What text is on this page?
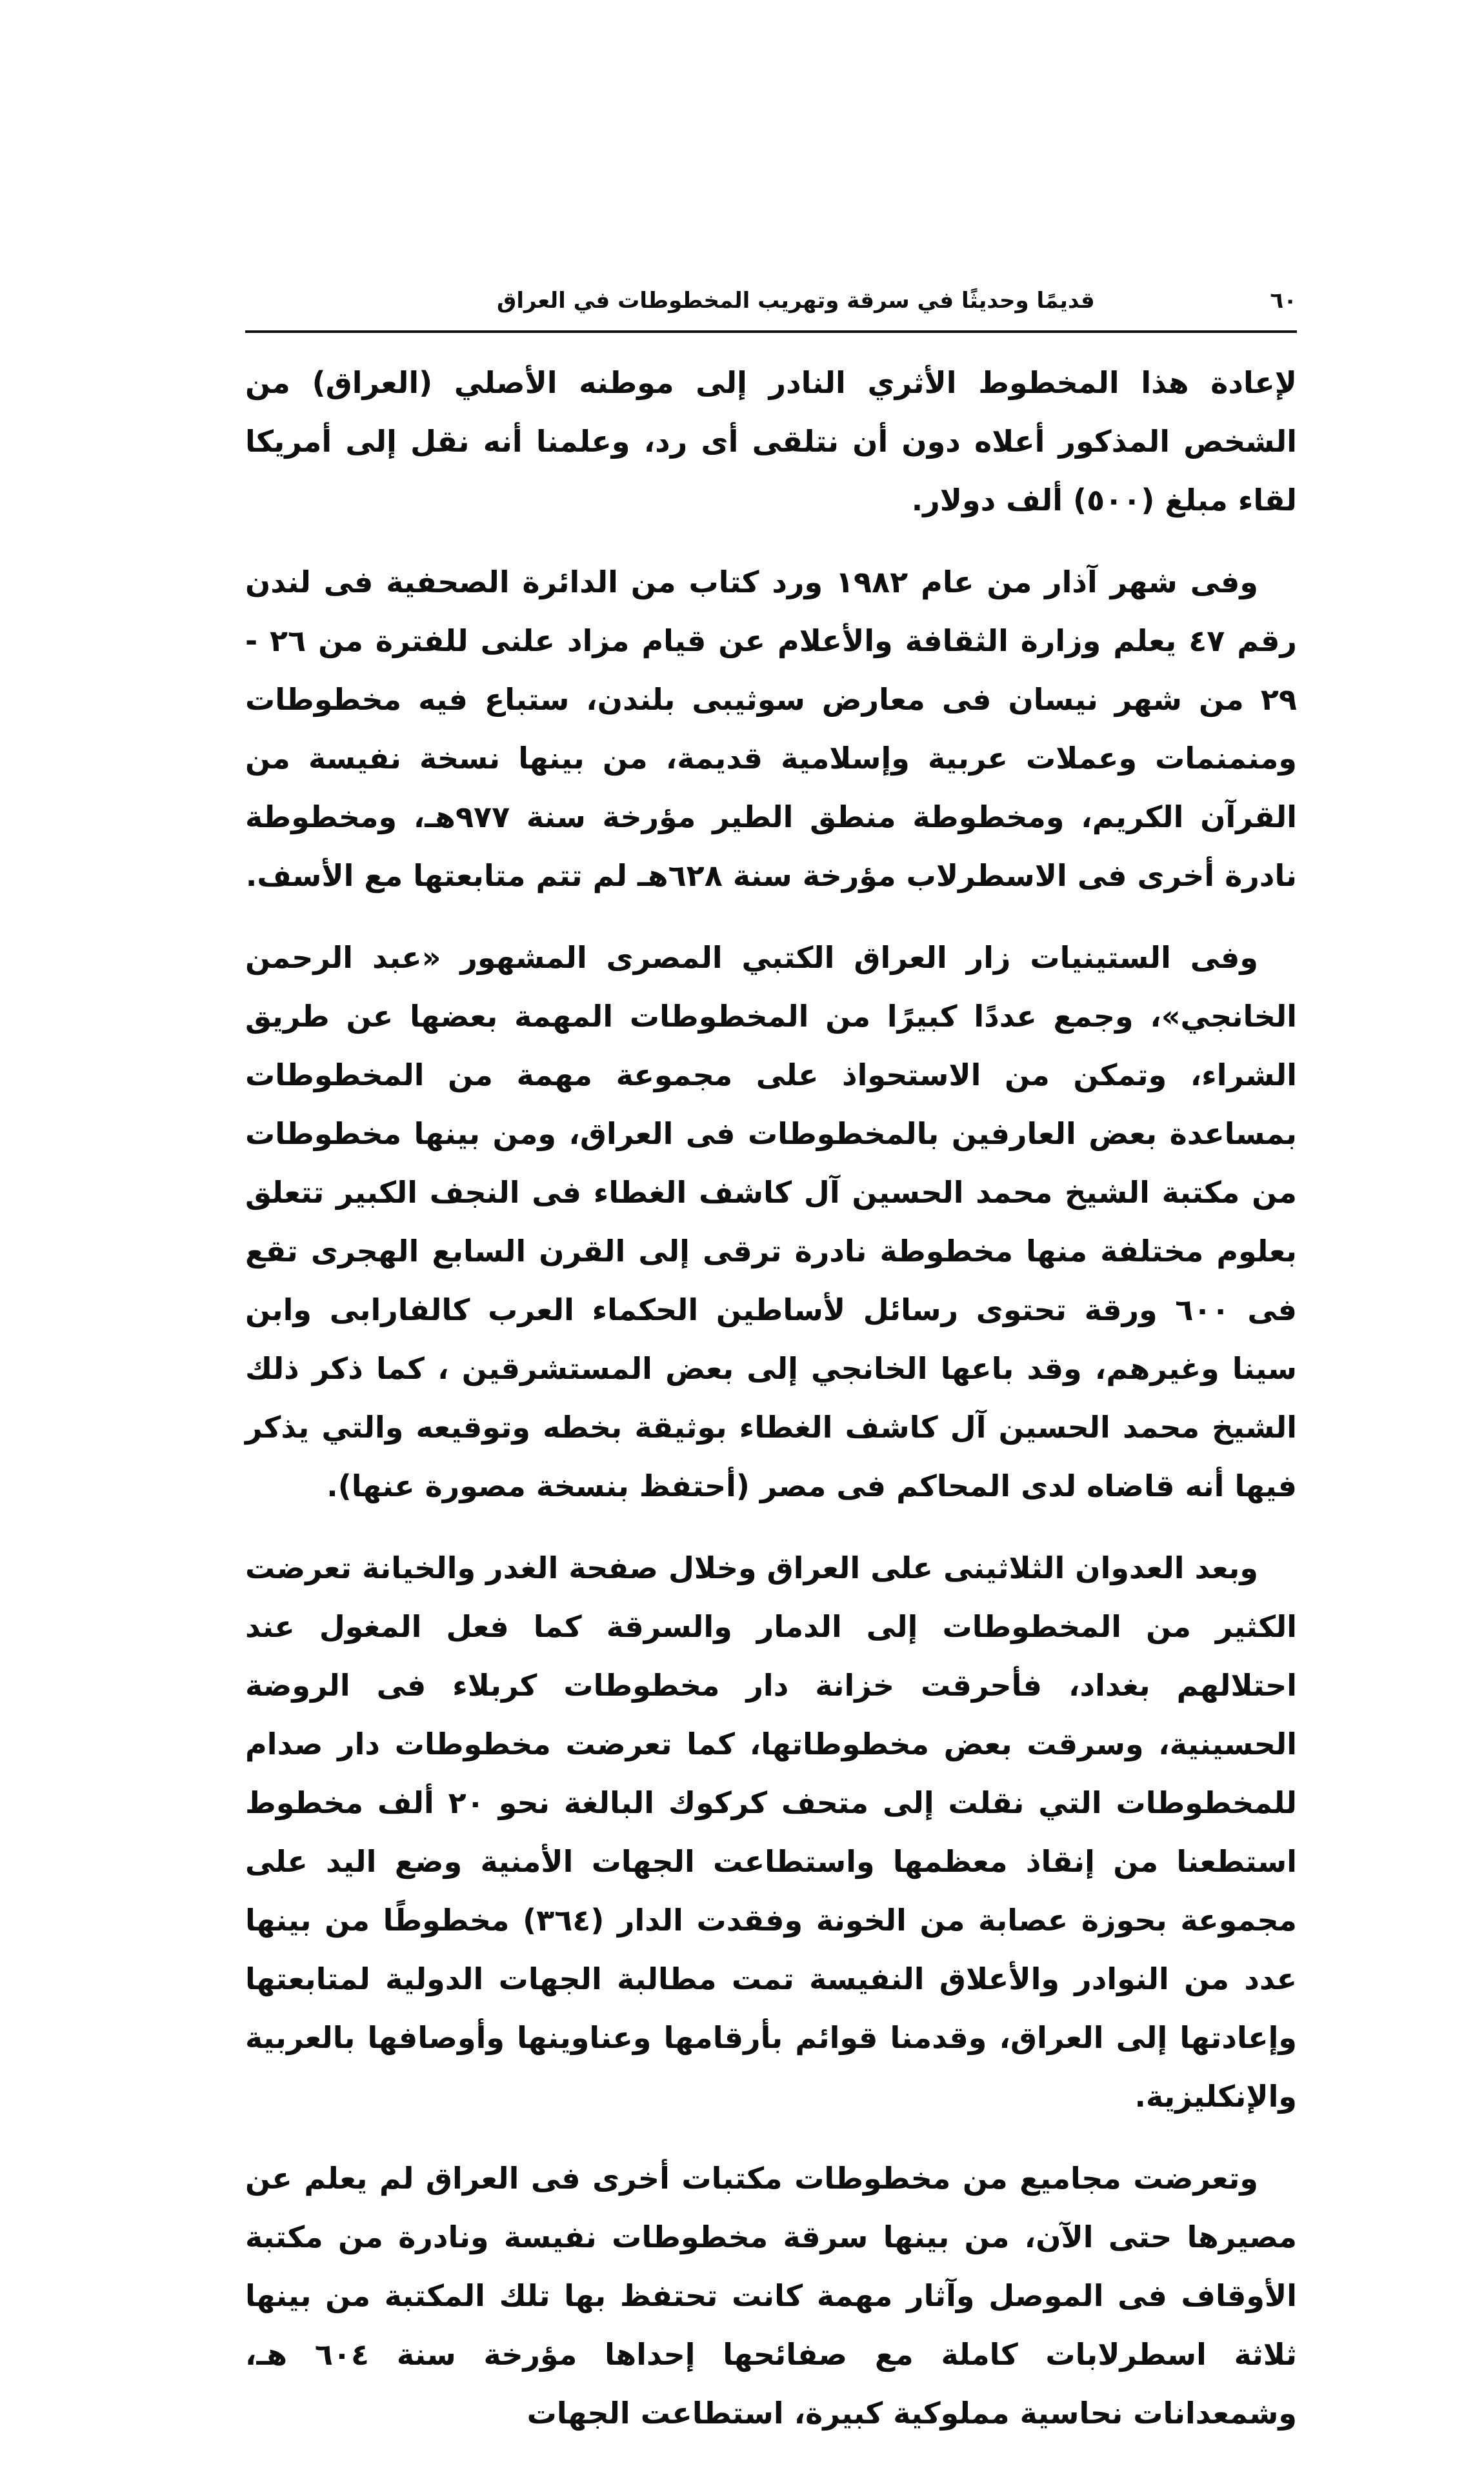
٦٠
قديمًا وحديثًا في سرقة وتهريب المخطوطات في العراق

لإعادة هذا المخطوط الأثري النادر إلى موطنه الأصلي (العراق) من الشخص المذكور أعلاه دون أن نتلقى أى رد، وعلمنا أنه نقل إلى أمريكا لقاء مبلغ (٥٠٠) ألف دولار.

وفى شهر آذار من عام ١٩٨٢ ورد كتاب من الدائرة الصحفية فى لندن رقم ٤٧ يعلم وزارة الثقافة والأعلام عن قيام مزاد علنى للفترة من ٢٦ - ٢٩ من شهر نيسان فى معارض سوثيبى بلندن، ستباع فيه مخطوطات ومنمنمات وعملات عربية وإسلامية قديمة، من بينها نسخة نفيسة من القرآن الكريم، ومخطوطة منطق الطير مؤرخة سنة ٩٧٧هـ، ومخطوطة نادرة أخرى فى الاسطرلاب مؤرخة سنة ٦٢٨هـ لم تتم متابعتها مع الأسف.

وفى الستينيات زار العراق الكتبي المصرى المشهور «عبد الرحمن الخانجي»، وجمع عددًا كبيرًا من المخطوطات المهمة بعضها عن طريق الشراء، وتمكن من الاستحواذ على مجموعة مهمة من المخطوطات بمساعدة بعض العارفين بالمخطوطات فى العراق، ومن بينها مخطوطات من مكتبة الشيخ محمد الحسين آل كاشف الغطاء فى النجف الكبير تتعلق بعلوم مختلفة منها مخطوطة نادرة ترقى إلى القرن السابع الهجرى تقع فى ٦٠٠ ورقة تحتوى رسائل لأساطين الحكماء العرب كالفارابى وابن سينا وغيرهم، وقد باعها الخانجي إلى بعض المستشرقين ، كما ذكر ذلك الشيخ محمد الحسين آل كاشف الغطاء بوثيقة بخطه وتوقيعه والتي يذكر فيها أنه قاضاه لدى المحاكم فى مصر (أحتفظ بنسخة مصورة عنها).

وبعد العدوان الثلاثينى على العراق وخلال صفحة الغدر والخيانة تعرضت الكثير من المخطوطات إلى الدمار والسرقة كما فعل المغول عند احتلالهم بغداد، فأحرقت خزانة دار مخطوطات كربلاء فى الروضة الحسينية، وسرقت بعض مخطوطاتها، كما تعرضت مخطوطات دار صدام للمخطوطات التي نقلت إلى متحف كركوك البالغة نحو ٢٠ ألف مخطوط استطعنا من إنقاذ معظمها واستطاعت الجهات الأمنية وضع اليد على مجموعة بحوزة عصابة من الخونة وفقدت الدار (٣٦٤) مخطوطًا من بينها عدد من النوادر والأعلاق النفيسة تمت مطالبة الجهات الدولية لمتابعتها وإعادتها إلى العراق، وقدمنا قوائم بأرقامها وعناوينها وأوصافها بالعربية والإنكليزية.

وتعرضت مجاميع من مخطوطات مكتبات أخرى فى العراق لم يعلم عن مصيرها حتى الآن، من بينها سرقة مخطوطات نفيسة ونادرة من مكتبة الأوقاف فى الموصل وآثار مهمة كانت تحتفظ بها تلك المكتبة من بينها ثلاثة اسطرلابات كاملة مع صفائحها إحداها مؤرخة سنة ٦٠٤ هـ، وشمعدانات نحاسية مملوكية كبيرة، استطاعت الجهات
